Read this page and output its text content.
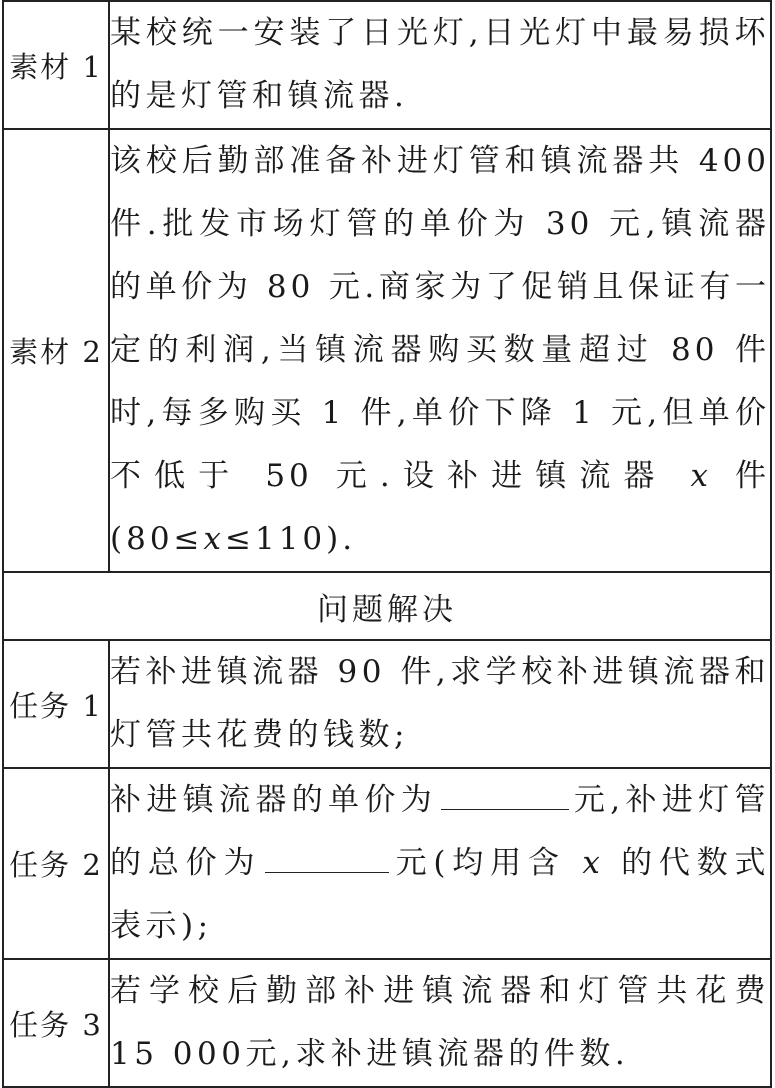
素材 1	某校统一安装了日光灯,日光灯中最易损坏的是灯管和镇流器.
素材 2	该校后勤部准备补进灯管和镇流器共 400 件.批发市场灯管的单价为 30 元,镇流器的单价为 80 元.商家为了促销且保证有一定的利润,当镇流器购买数量超过 80 件时,每多购买 1 件,单价下降 1 元,但单价不低于 50 元.设补进镇流器 x 件(80≤x≤110).
问题解决	
任务 1	若补进镇流器 90 件,求学校补进镇流器和灯管共花费的钱数;
任务 2	补进镇流器的单价为 元,补进灯管的总价为 元(均用含 x 的代数式表示);
任务 3	若学校后勤部补进镇流器和灯管共花费 15 000元,求补进镇流器的件数.
